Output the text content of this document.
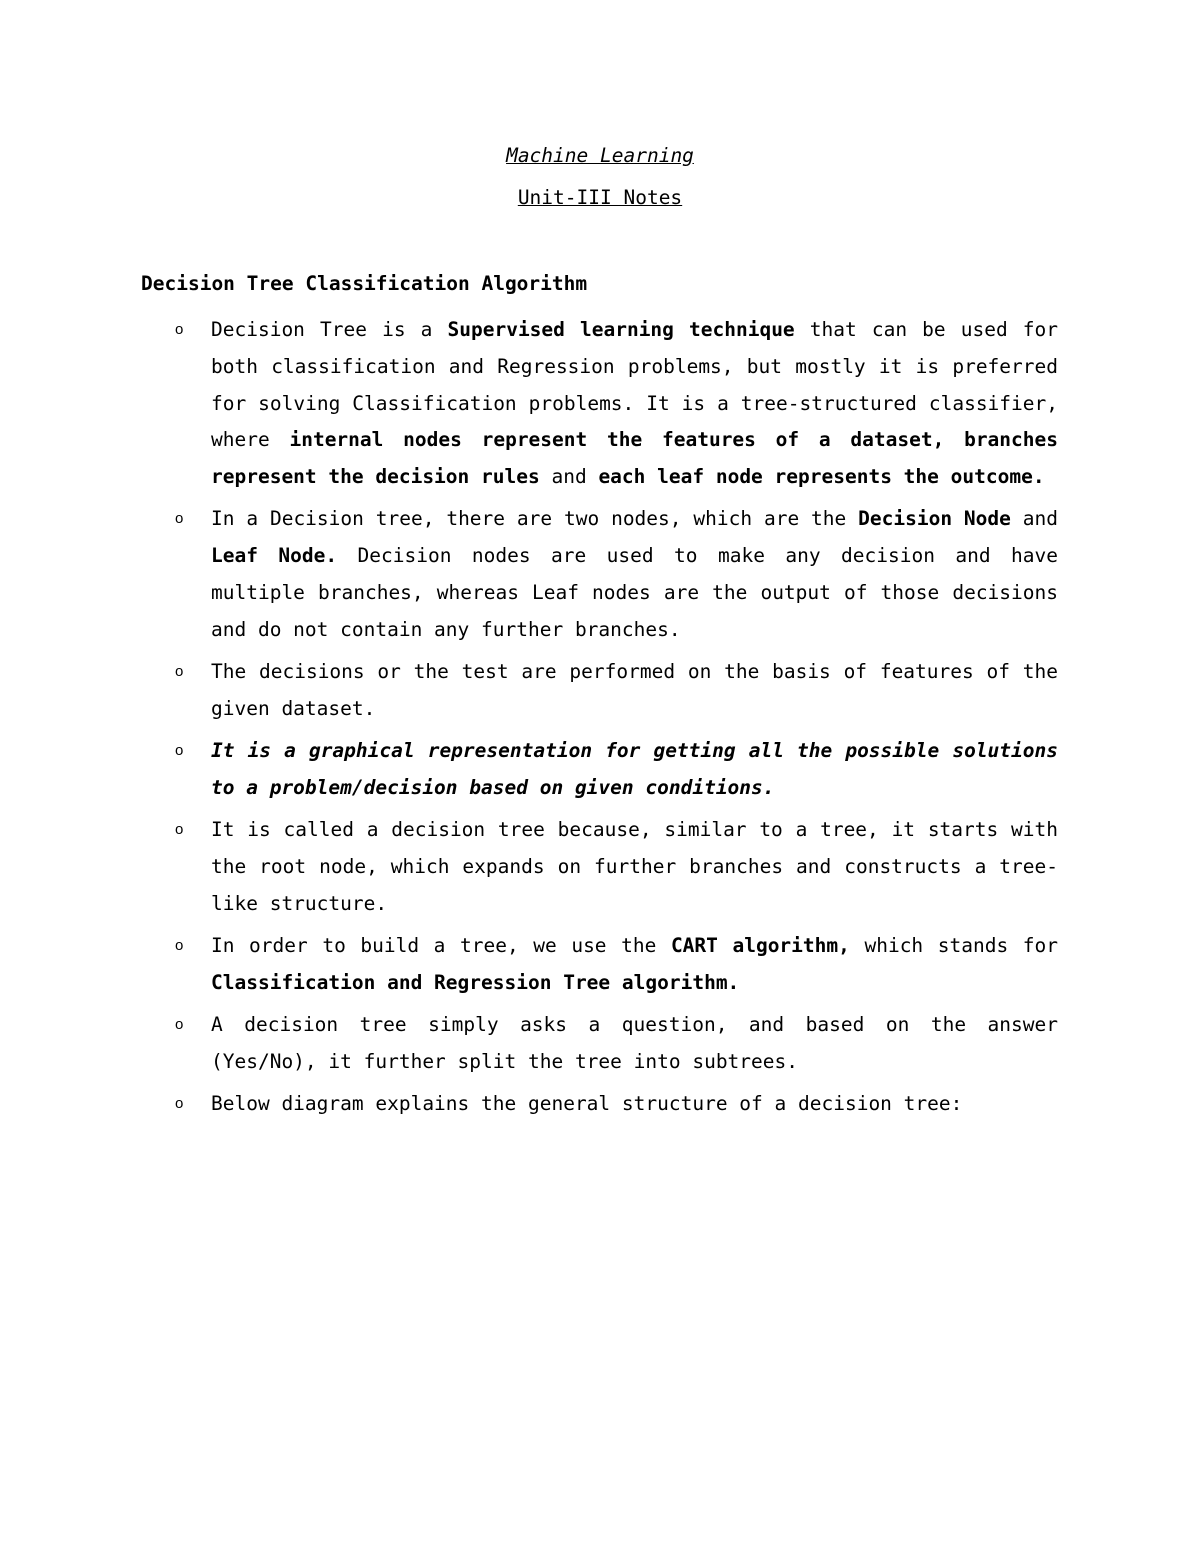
Machine Learning
Unit-III Notes
Decision Tree Classification Algorithm
o Decision Tree is a Supervised learning technique that can be used for both classification and Regression problems, but mostly it is preferred for solving Classification problems. It is a tree-structured classifier, where internal nodes represent the features of a dataset, branches represent the decision rules and each leaf node represents the outcome.
o In a Decision tree, there are two nodes, which are the Decision Node and Leaf Node. Decision nodes are used to make any decision and have multiple branches, whereas Leaf nodes are the output of those decisions and do not contain any further branches.
o The decisions or the test are performed on the basis of features of the given dataset.
o It is a graphical representation for getting all the possible solutions to a problem/decision based on given conditions.
o It is called a decision tree because, similar to a tree, it starts with the root node, which expands on further branches and constructs a tree-like structure.
o In order to build a tree, we use the CART algorithm, which stands for Classification and Regression Tree algorithm.
o A decision tree simply asks a question, and based on the answer (Yes/No), it further split the tree into subtrees.
o Below diagram explains the general structure of a decision tree:
